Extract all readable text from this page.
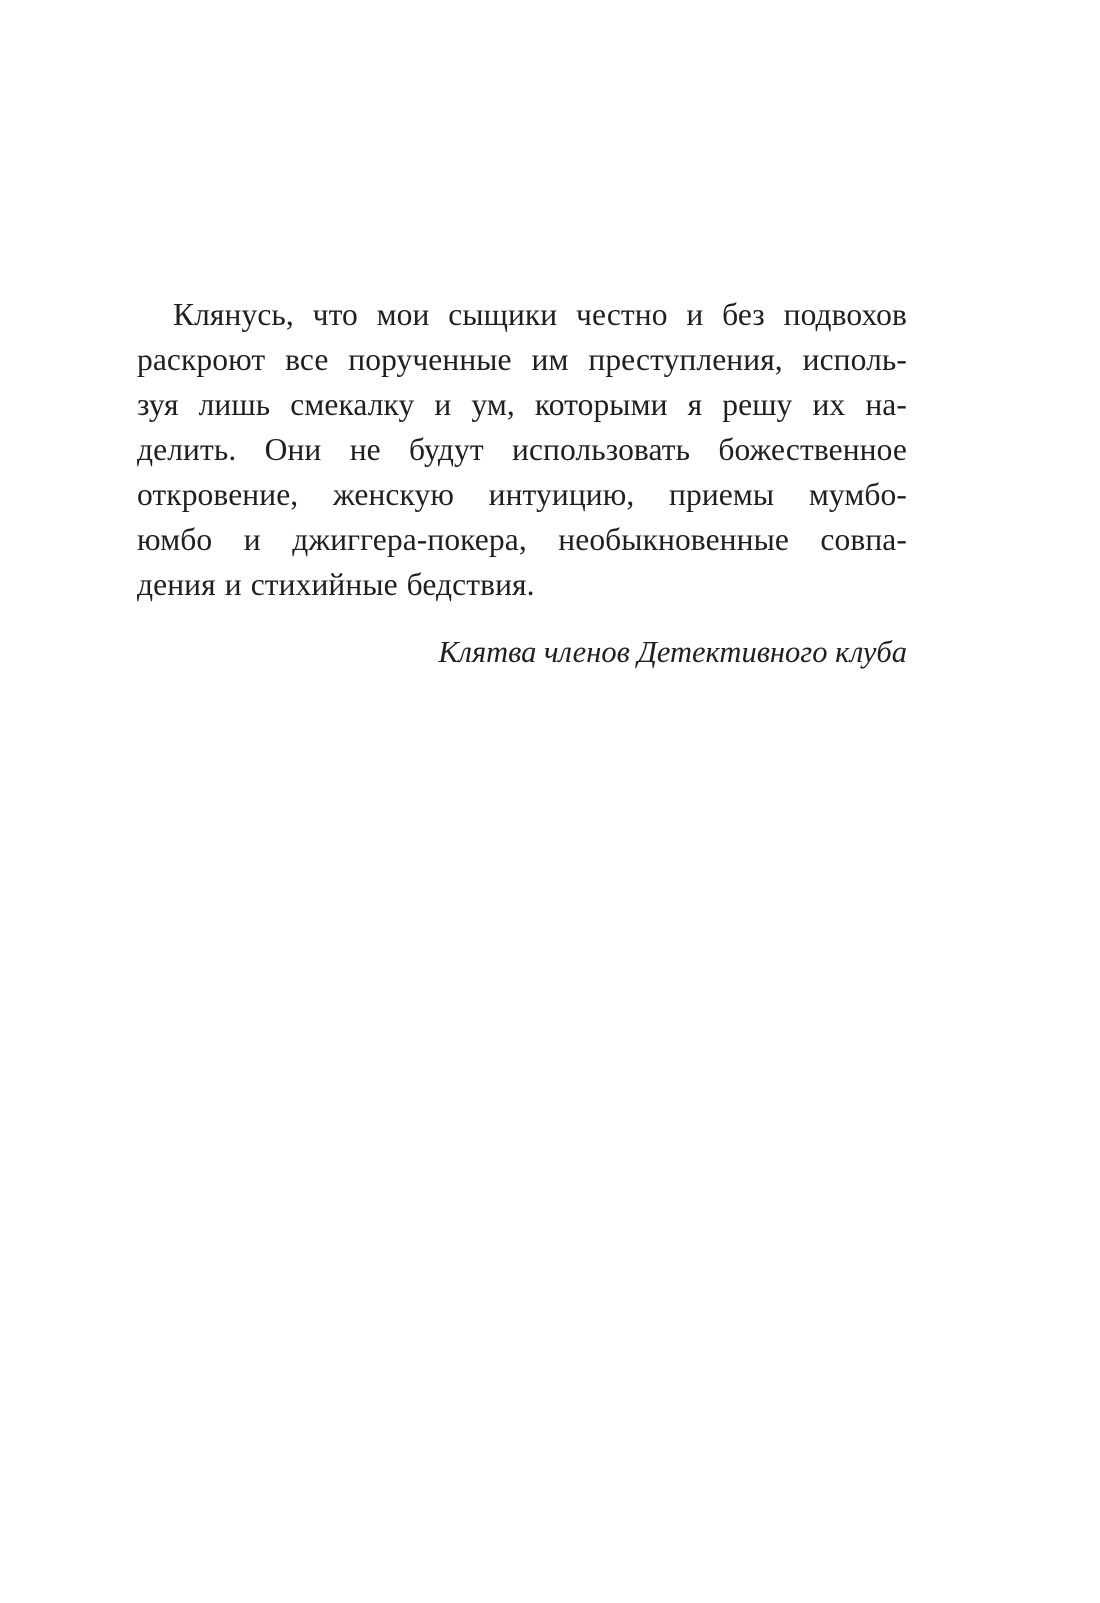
Клянусь, что мои сыщики честно и без подвохов
раскроют все порученные им преступления, исполь-
зуя лишь смекалку и ум, которыми я решу их на-
делить. Они не будут использовать божественное
откровение, женскую интуицию, приемы мумбо-
юмбо и джиггера-покера, необыкновенные совпа-
дения и стихийные бедствия.
Клятва членов Детективного клуба
